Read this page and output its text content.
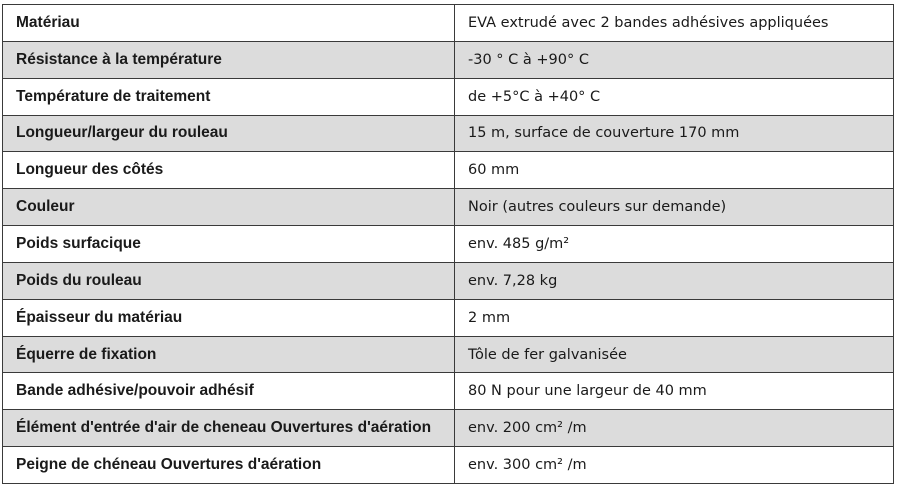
Matériau	EVA extrudé avec 2 bandes adhésives appliquées
Résistance à la température	-30 ° C à +90° C
Température de traitement	de +5°C à +40° C
Longueur/largeur du rouleau	15 m, surface de couverture 170 mm
Longueur des côtés	60 mm
Couleur	Noir (autres couleurs sur demande)
Poids surfacique	env. 485 g/m²
Poids du rouleau	env. 7,28 kg
Épaisseur du matériau	2 mm
Équerre de fixation	Tôle de fer galvanisée
Bande adhésive/pouvoir adhésif	80 N pour une largeur de 40 mm
Élément d'entrée d'air de cheneau Ouvertures d'aération	env. 200 cm² /m
Peigne de chéneau Ouvertures d'aération	env. 300 cm² /m
